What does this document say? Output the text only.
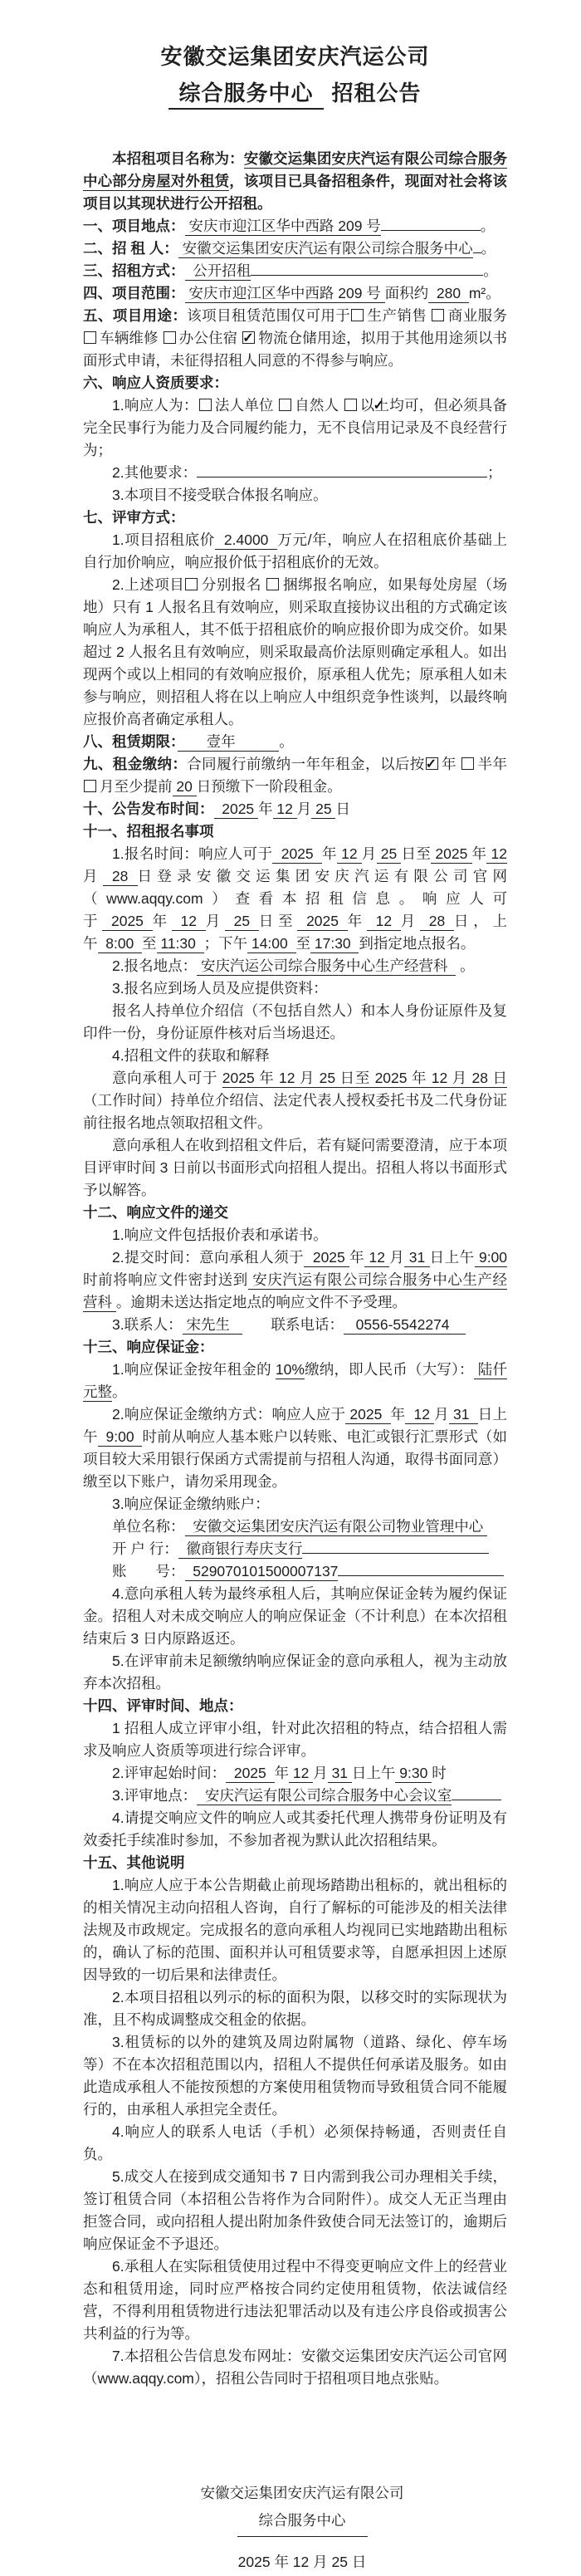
安徽交运集团安庆汽运公司
综合服务中心 招租公告

本招租项目名称为：安徽交运集团安庆汽运有限公司综合服务中心部分房屋对外租赁，该项目已具备招租条件，现面对社会将该项目以其现状进行公开招租。

一、项目地点： 安庆市迎江区华中西路 209 号	。

二、招 租 人： 安徽交运集团安庆汽运有限公司综合服务中心 。

三、招租方式：  公开招租	。

四、项目范围： 安庆市迎江区华中西路 209 号 面积约  280  m²。

五、项目用途：该项目租赁范围仅可用于 生产销售 商业服务 车辆维修 办公住宿 ✓物流仓储用途，拟用于其他用途须以书面形式申请，未征得招租人同意的不得参与响应。

六、响应人资质要求：

1.响应人为： 法人单位 自然人 ✓以上均可，但必须具备完全民事行为能力及合同履约能力，无不良信用记录及不良经营行为；

2.其他要求：	；

3.本项目不接受联合体报名响应。

七、评审方式：

1.项目招租底价  2.4000  万元/年，响应人在招租底价基础上自行加价响应，响应报价低于招租底价的无效。

2.上述项目 分别报名 捆绑报名响应，如果每处房屋（场地）只有 1 人报名且有效响应，则采取直接协议出租的方式确定该响应人为承租人，其不低于招租底价的响应报价即为成交价。如果超过 2 人报名且有效响应，则采取最高价法原则确定承租人。如出现两个或以上相同的有效响应报价，原承租人优先；原承租人如未参与响应，则招租人将在以上响应人中组织竞争性谈判，以最终响应报价高者确定承租人。

八、租赁期限：　　壹年　　　。

九、租金缴纳：合同履行前缴纳一年年租金，以后按 ✓ 年 半年 月至少提前 20 日预缴下一阶段租金。

十、公告发布时间：  2025 年 12 月 25 日

十一、招租报名事项

1.报名时间：响应人可于  2025  年 12 月 25 日至 2025 年 12月 28 日登录安徽交运集团安庆汽运有限公司官网（www.aqqy.com）查看本招租信息。响应人可于 2025 年 12 月 25 日至 2025 年 12 月 28 日，上午  8:00  至 11:30  ；下午 14:00  至 17:30  到指定地点报名。

2.报名地点： 安庆汽运公司综合服务中心生产经营科   。

3.报名应到场人员及应提供资料：

报名人持单位介绍信（不包括自然人）和本人身份证原件及复印件一份，身份证原件核对后当场退还。

4.招租文件的获取和解释

意向承租人可于 2025 年 12 月 25 日至 2025 年 12 月 28 日（工作时间）持单位介绍信、法定代表人授权委托书及二代身份证前往报名地点领取招租文件。

意向承租人在收到招租文件后，若有疑问需要澄清，应于本项目评审时间 3 日前以书面形式向招租人提出。招租人将以书面形式予以解答。

十二、响应文件的递交

1.响应文件包括报价表和承诺书。

2.提交时间：意向承租人须于  2025 年 12 月 31 日上午 9:00时前将响应文件密封送到 安庆汽运有限公司综合服务中心生产经营科 。逾期未送达指定地点的响应文件不予受理。

3.联系人： 宋先生   　　联系电话：   0556-5542274

十三、响应保证金：

1.响应保证金按年租金的 10%缴纳，即人民币（大写）： 陆仟元整。

2.响应保证金缴纳方式：响应人应于 2025  年  12 月 31  日上午  9:00  时前从响应人基本账户以转账、电汇或银行汇票形式（如项目较大采用银行保函方式需提前与招租人沟通，取得书面同意）缴至以下账户，请勿采用现金。

3.响应保证金缴纳账户：

单位名称：  安徽交运集团安庆汽运有限公司物业管理中心

开 户 行：  徽商银行寿庆支行

账　　号：  529070101500007137

4.意向承租人转为最终承租人后，其响应保证金转为履约保证金。招租人对未成交响应人的响应保证金（不计利息）在本次招租结束后 3 日内原路返还。

5.在评审前未足额缴纳响应保证金的意向承租人，视为主动放弃本次招租。

十四、评审时间、地点：

1 招租人成立评审小组，针对此次招租的特点，结合招租人需求及响应人资质等项进行综合评审。

2.评审起始时间：  2025  年 12 月 31 日上午 9:30 时

3.评审地点：  安庆汽运有限公司综合服务中心会议室

4.请提交响应文件的响应人或其委托代理人携带身份证明及有效委托手续准时参加，不参加者视为默认此次招租结果。

十五、其他说明

1.响应人应于本公告期截止前现场踏勘出租标的，就出租标的的相关情况主动向招租人咨询，自行了解标的可能涉及的相关法律法规及市政规定。完成报名的意向承租人均视同已实地踏勘出租标的，确认了标的范围、面积并认可租赁要求等，自愿承担因上述原因导致的一切后果和法律责任。

2.本项目招租以列示的标的面积为限，以移交时的实际现状为准，且不构成调整成交租金的依据。

3.租赁标的以外的建筑及周边附属物（道路、绿化、停车场等）不在本次招租范围以内，招租人不提供任何承诺及服务。如由此造成承租人不能按预想的方案使用租赁物而导致租赁合同不能履行的，由承租人承担完全责任。

4.响应人的联系人电话（手机）必须保持畅通，否则责任自负。

5.成交人在接到成交通知书 7 日内需到我公司办理相关手续，签订租赁合同（本招租公告将作为合同附件）。成交人无正当理由拒签合同，或向招租人提出附加条件致使合同无法签订的，逾期后响应保证金不予退还。

6.承租人在实际租赁使用过程中不得变更响应文件上的经营业态和租赁用途，同时应严格按合同约定使用租赁物，依法诚信经营，不得利用租赁物进行违法犯罪活动以及有违公序良俗或损害公共利益的行为等。

7.本招租公告信息发布网址：安徽交运集团安庆汽运公司官网（www.aqqy.com），招租公告同时于招租项目地点张贴。

安徽交运集团安庆汽运有限公司
综合服务中心
2025 年 12 月 25 日
